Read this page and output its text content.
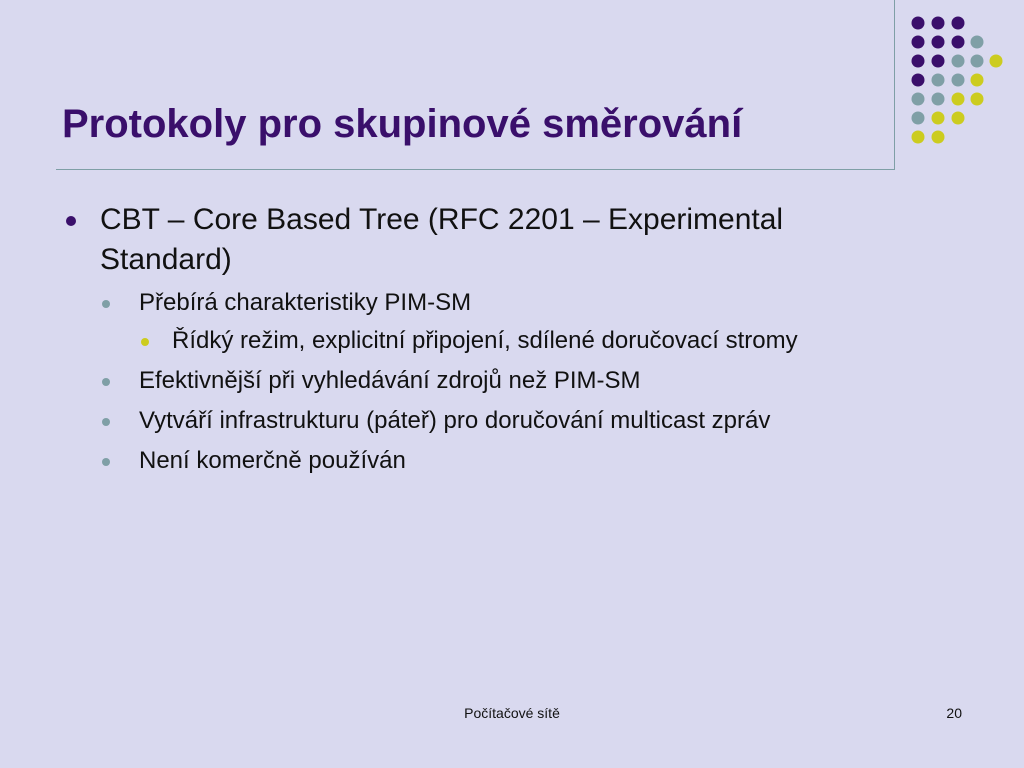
Protokoly pro skupinové směrování
CBT – Core Based Tree (RFC 2201 – Experimental Standard)
Přebírá charakteristiky PIM-SM
Řídký režim, explicitní připojení, sdílené doručovací stromy
Efektivnější při vyhledávání zdrojů než PIM-SM
Vytváří infrastrukturu (páteř) pro doručování multicast zpráv
Není komerčně používán
Počítačové sítě	20
